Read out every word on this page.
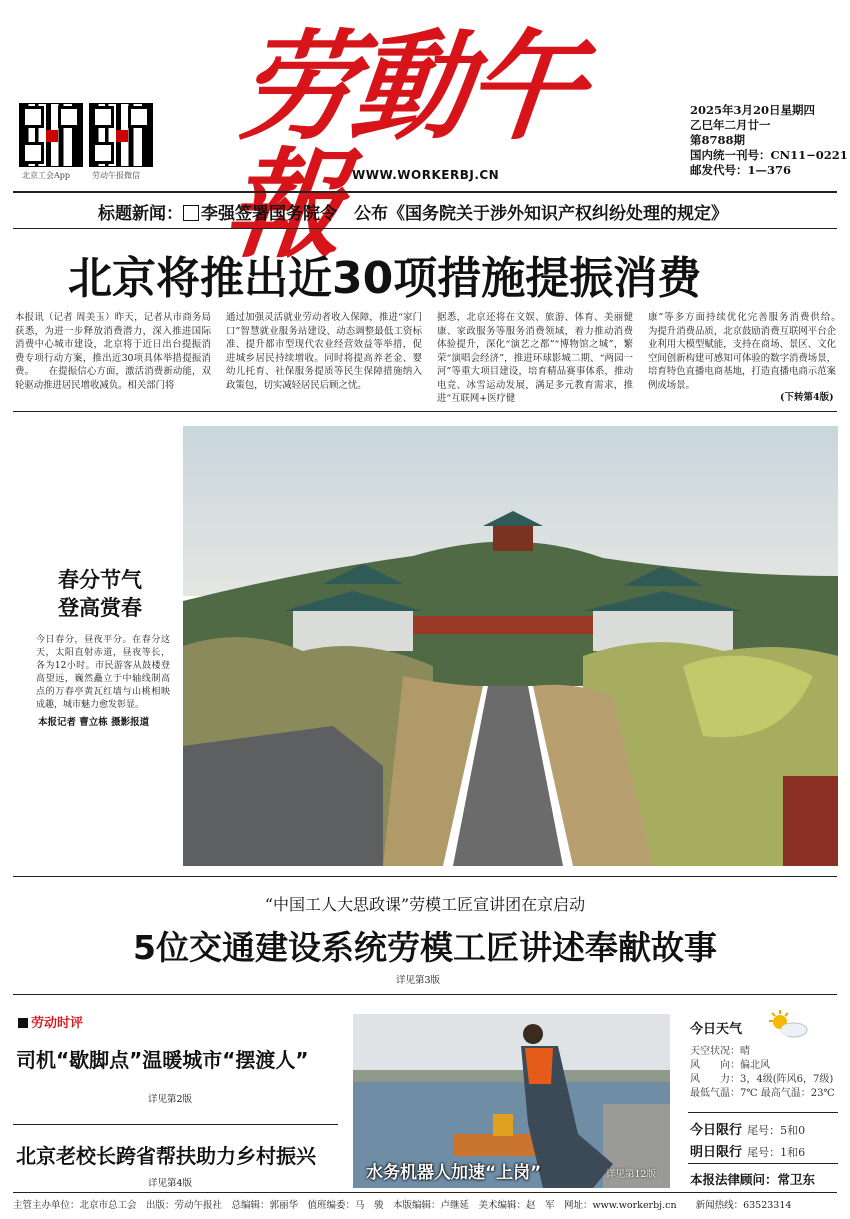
北京工会App	劳动午报微信
劳動午報 WWW.WORKERBJ.CN
2025年3月20日星期四
乙巳年二月廿一
第8788期
国内统一刊号：CN11−0221
邮发代号：1—376
标题新闻： 李强签署国务院令　公布《国务院关于涉外知识产权纠纷处理的规定》
北京将推出近30项措施提振消费
本报讯（记者 周美玉）昨天，记者从市商务局获悉，为进一步释放消费潜力，深入推进国际消费中心城市建设，北京将于近日出台提振消费专项行动方案，推出近30项具体举措提振消费。　　在提振信心方面，激活消费新动能，双轮驱动推进居民增收减负。相关部门将
通过加强灵活就业劳动者收入保障，推进“家门口”智慧就业服务站建设、动态调整最低工资标准、提升都市型现代农业经营效益等举措，促进城乡居民持续增收。同时将提高养老金、婴幼儿托育、社保服务提质等民生保障措施纳入政策包，切实减轻居民后顾之忧。
据悉，北京还将在文娱、旅游、体育、美丽健康、家政服务等服务消费领域，着力推动消费体验提升，深化“演艺之都”“博物馆之城”，繁荣“演唱会经济”，推进环球影城二期、“两园一河”等重大项目建设，培育精品赛事体系，推动电竞、冰雪运动发展，满足多元教育需求，推进“互联网+医疗健
康”等多方面持续优化完善服务消费供给。　　为提升消费品质，北京鼓励消费互联网平台企业利用大模型赋能，支持在商场、景区、文化空间创新构建可感知可体验的数字消费场景，培育特色直播电商基地，打造直播电商示范案例成场景。
(下转第4版)
春分节气
登高赏春
今日春分，昼夜平分。在春分这天，太阳直射赤道，昼夜等长，各为12小时。市民游客从鼓楼登高望远，巍然矗立于中轴线制高点的万春亭黄瓦红墙与山桃相映成趣，城市魅力愈发彰显。
本报记者 曹立栋 摄影报道
“中国工人大思政课”劳模工匠宣讲团在京启动
5位交通建设系统劳模工匠讲述奉献故事
详见第3版
劳动时评
司机“歇脚点”温暖城市“摆渡人”
详见第2版
北京老校长跨省帮扶助力乡村振兴
详见第4版
水务机器人加速“上岗”	详见第12版
今日天气
天空状况：晴
风　　向：偏北风
风　　力：3，4级(阵风6，7级)
最低气温：7℃ 最高气温：23℃
今日限行 尾号：5和0
明日限行 尾号：1和6
本报法律顾问：常卫东
主管主办单位：北京市总工会　出版：劳动午报社　总编辑：郭丽华　值班编委：马　骏　本版编辑：卢继延　美术编辑：赵　军　网址：www.workerbj.cn　　新闻热线：63523314
